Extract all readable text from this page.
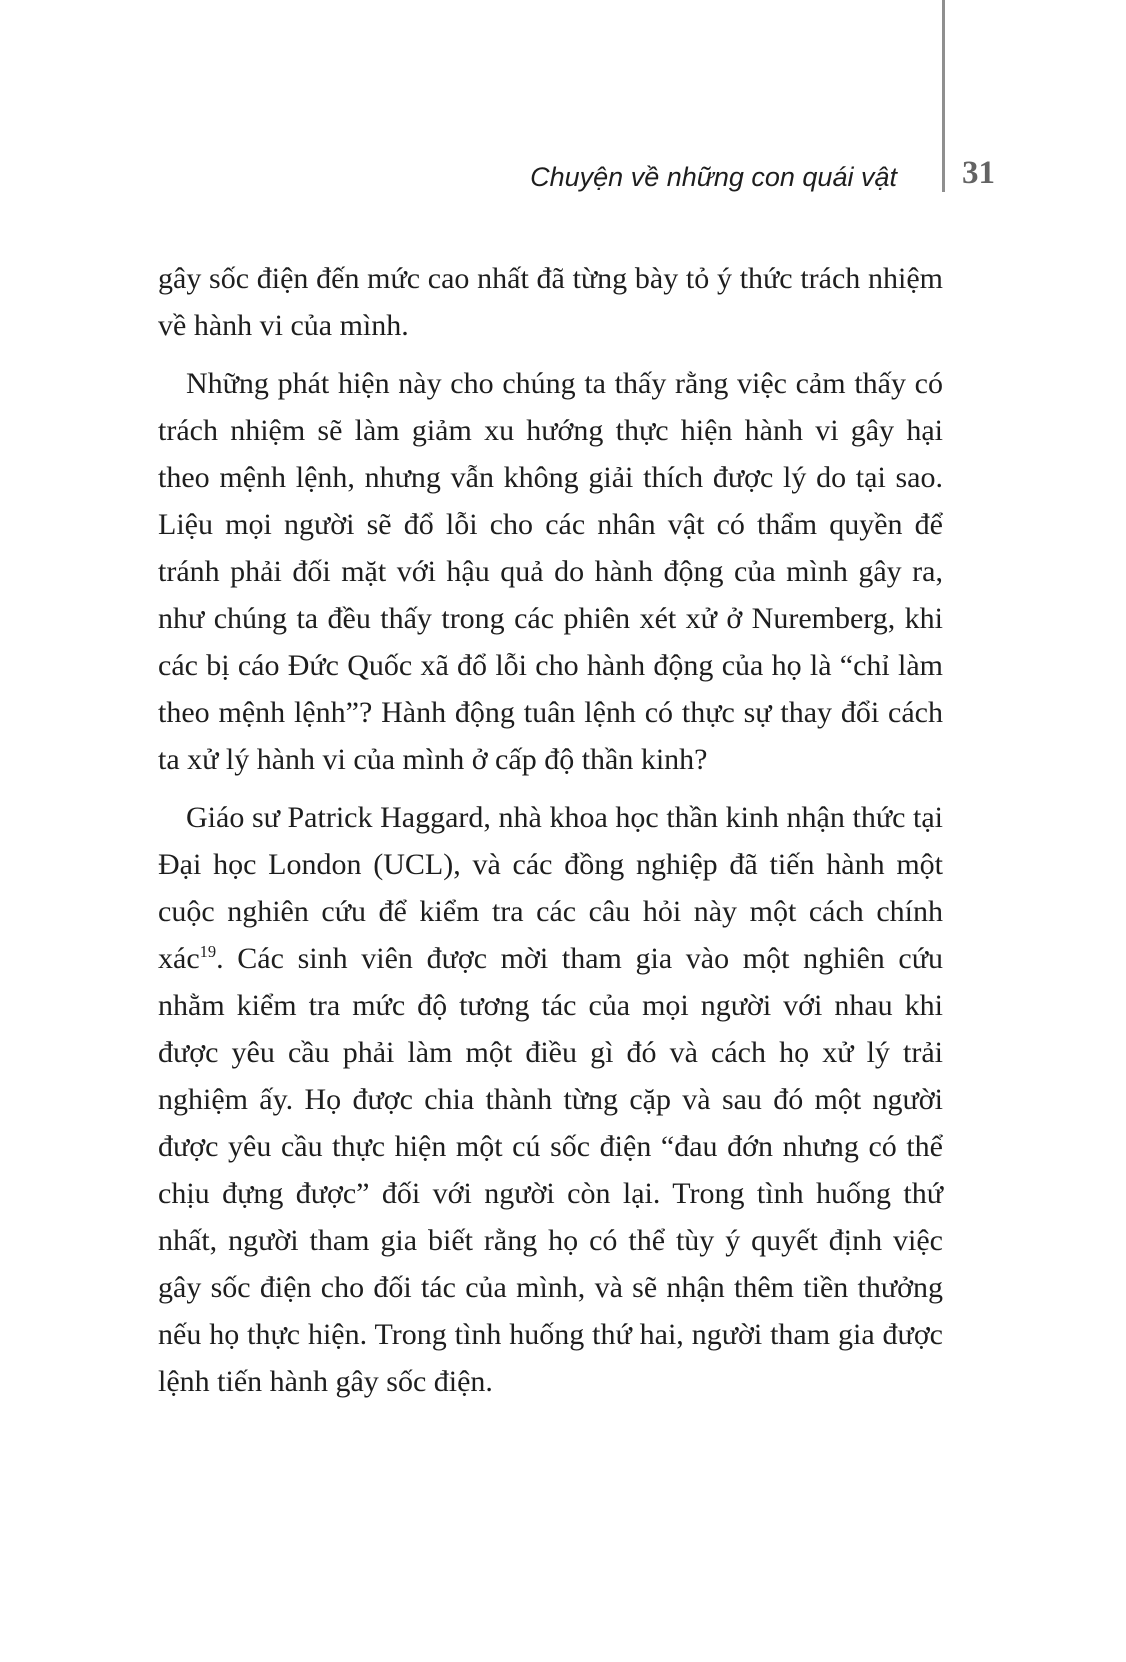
Chuyện về những con quái vật 31

gây sốc điện đến mức cao nhất đã từng bày tỏ ý thức trách nhiệm về hành vi của mình.

Những phát hiện này cho chúng ta thấy rằng việc cảm thấy có trách nhiệm sẽ làm giảm xu hướng thực hiện hành vi gây hại theo mệnh lệnh, nhưng vẫn không giải thích được lý do tại sao. Liệu mọi người sẽ đổ lỗi cho các nhân vật có thẩm quyền để tránh phải đối mặt với hậu quả do hành động của mình gây ra, như chúng ta đều thấy trong các phiên xét xử ở Nuremberg, khi các bị cáo Đức Quốc xã đổ lỗi cho hành động của họ là “chỉ làm theo mệnh lệnh”? Hành động tuân lệnh có thực sự thay đổi cách ta xử lý hành vi của mình ở cấp độ thần kinh?

Giáo sư Patrick Haggard, nhà khoa học thần kinh nhận thức tại Đại học London (UCL), và các đồng nghiệp đã tiến hành một cuộc nghiên cứu để kiểm tra các câu hỏi này một cách chính xác$^{19}$. Các sinh viên được mời tham gia vào một nghiên cứu nhằm kiểm tra mức độ tương tác của mọi người với nhau khi được yêu cầu phải làm một điều gì đó và cách họ xử lý trải nghiệm ấy. Họ được chia thành từng cặp và sau đó một người được yêu cầu thực hiện một cú sốc điện “đau đớn nhưng có thể chịu đựng được” đối với người còn lại. Trong tình huống thứ nhất, người tham gia biết rằng họ có thể tùy ý quyết định việc gây sốc điện cho đối tác của mình, và sẽ nhận thêm tiền thưởng nếu họ thực hiện. Trong tình huống thứ hai, người tham gia được lệnh tiến hành gây sốc điện.
